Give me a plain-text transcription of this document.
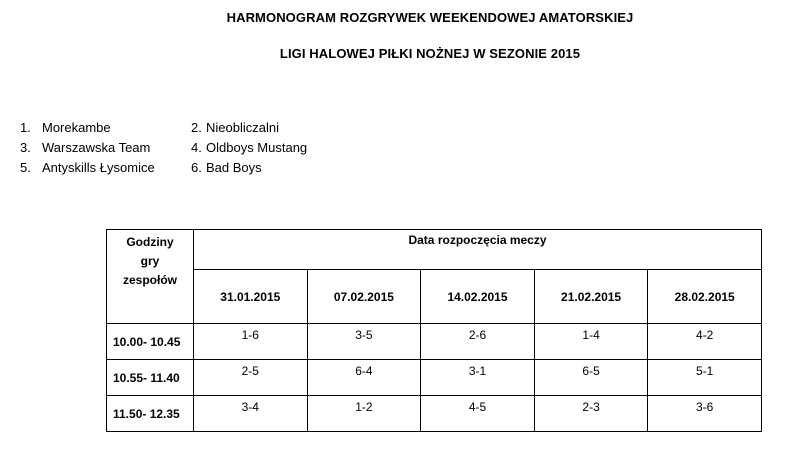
HARMONOGRAM ROZGRYWEK WEEKENDOWEJ AMATORSKIEJ
LIGI HALOWEJ PIŁKI NOŻNEJ W SEZONIE 2015
1. Morekambe
3. Warszawska Team
5. Antyskills Łysomice
2. Nieobliczalni
4. Oldboys Mustang
6. Bad Boys
Godziny
gry
zespołów	Data rozpoczęcia meczy				
	31.01.2015	07.02.2015	14.02.2015	21.02.2015	28.02.2015
10.00- 10.45	1-6	3-5	2-6	1-4	4-2
10.55- 11.40	2-5	6-4	3-1	6-5	5-1
11.50- 12.35	3-4	1-2	4-5	2-3	3-6
